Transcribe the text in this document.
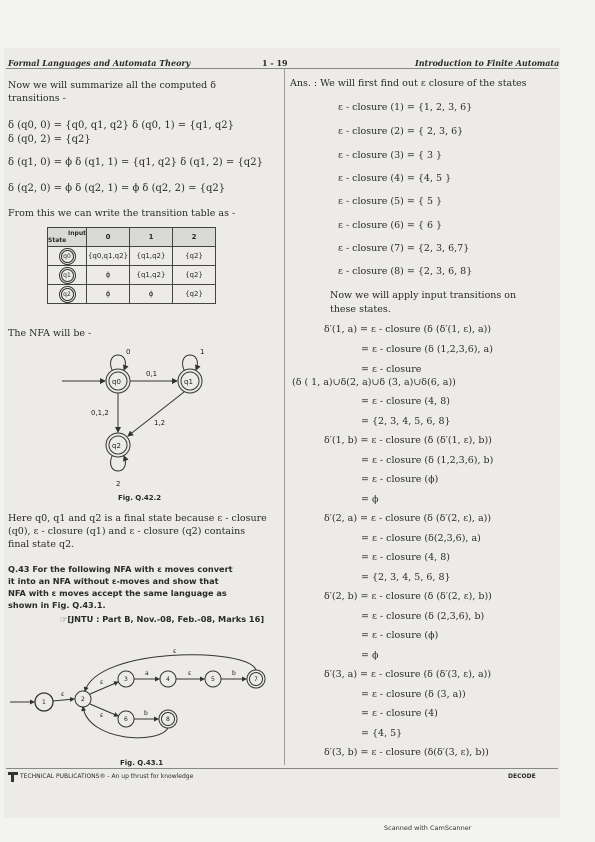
Formal Languages and Automata Theory	1 - 19	Introduction to Finite Automata
Now we will summarize all the computed δ
transitions -
δ (q0, 0) = {q0, q1, q2} δ (q0, 1) = {q1, q2}
δ (q0, 2) = {q2}
δ (q1, 0) = ϕ δ (q1, 1) = {q1, q2} δ (q1, 2) = {q2}
δ (q2, 0) = ϕ δ (q2, 1) = ϕ δ (q2, 2) = {q2}
From this we can write the transition table as -
Input
State	0	1	2
q0	{q0,q1,q2}	{q1,q2}	{q2}
q1	ϕ	{q1,q2}	{q2}
q2	ϕ	ϕ	{q2}
The NFA will be -
q0	q1
q2
0	1
2
0,1
0,1,2
1,2
Fig. Q.42.2
Here q0, q1 and q2 is a final state because ε - closure
(q0), ε - closure (q1) and ε - closure (q2) contains
final state q2.
Q.43 For the following NFA with ε moves convert
it into an NFA without ε-moves and show that
NFA with ε moves accept the same language as
shown in Fig. Q.43.1.
☞[JNTU : Part B, Nov.-08, Feb.-08, Marks 16]
1	2
3	4	5	7
6	8
ε
ε
a	ε	b
ε	b
ε
Fig. Q.43.1
Ans. : We will first find out ε closure of the states
ε - closure (1) = {1, 2, 3, 6}
ε - closure (2) = { 2, 3, 6}
ε - closure (3) = { 3 }
ε - closure (4) = {4, 5 }
ε - closure (5) = { 5 }
ε - closure (6) = { 6 }
ε - closure (7) = {2, 3, 6,7}
ε - closure (8) = {2, 3, 6, 8}
Now we will apply input transitions on
these states.
δ′(1, a) = ε - closure (δ (δ′(1, ε), a))
= ε - closure (δ (1,2,3,6), a)
= ε - closure
(δ ( 1, a)∪δ(2, a)∪δ (3, a)∪δ(6, a))
= ε - closure (4, 8)
= {2, 3, 4, 5, 6, 8}
δ′(1, b) = ε - closure (δ (δ′(1, ε), b))
= ε - closure (δ (1,2,3,6), b)
= ε - closure (ϕ)
= ϕ
δ′(2, a) = ε - closure (δ (δ′(2, ε), a))
= ε - closure (δ(2,3,6), a)
= ε - closure (4, 8)
= {2, 3, 4, 5, 6, 8}
δ′(2, b) = ε - closure (δ (δ′(2, ε), b))
= ε - closure (δ (2,3,6), b)
= ε - closure (ϕ)
= ϕ
δ′(3, a) = ε - closure (δ (δ′(3, ε), a))
= ε - closure (δ (3, a))
= ε - closure (4)
= {4, 5}
δ′(3, b) = ε - closure (δ(δ′(3, ε), b))
TECHNICAL PUBLICATIONS® - An up thrust for knowledge	DECODE
Scanned with CamScanner
